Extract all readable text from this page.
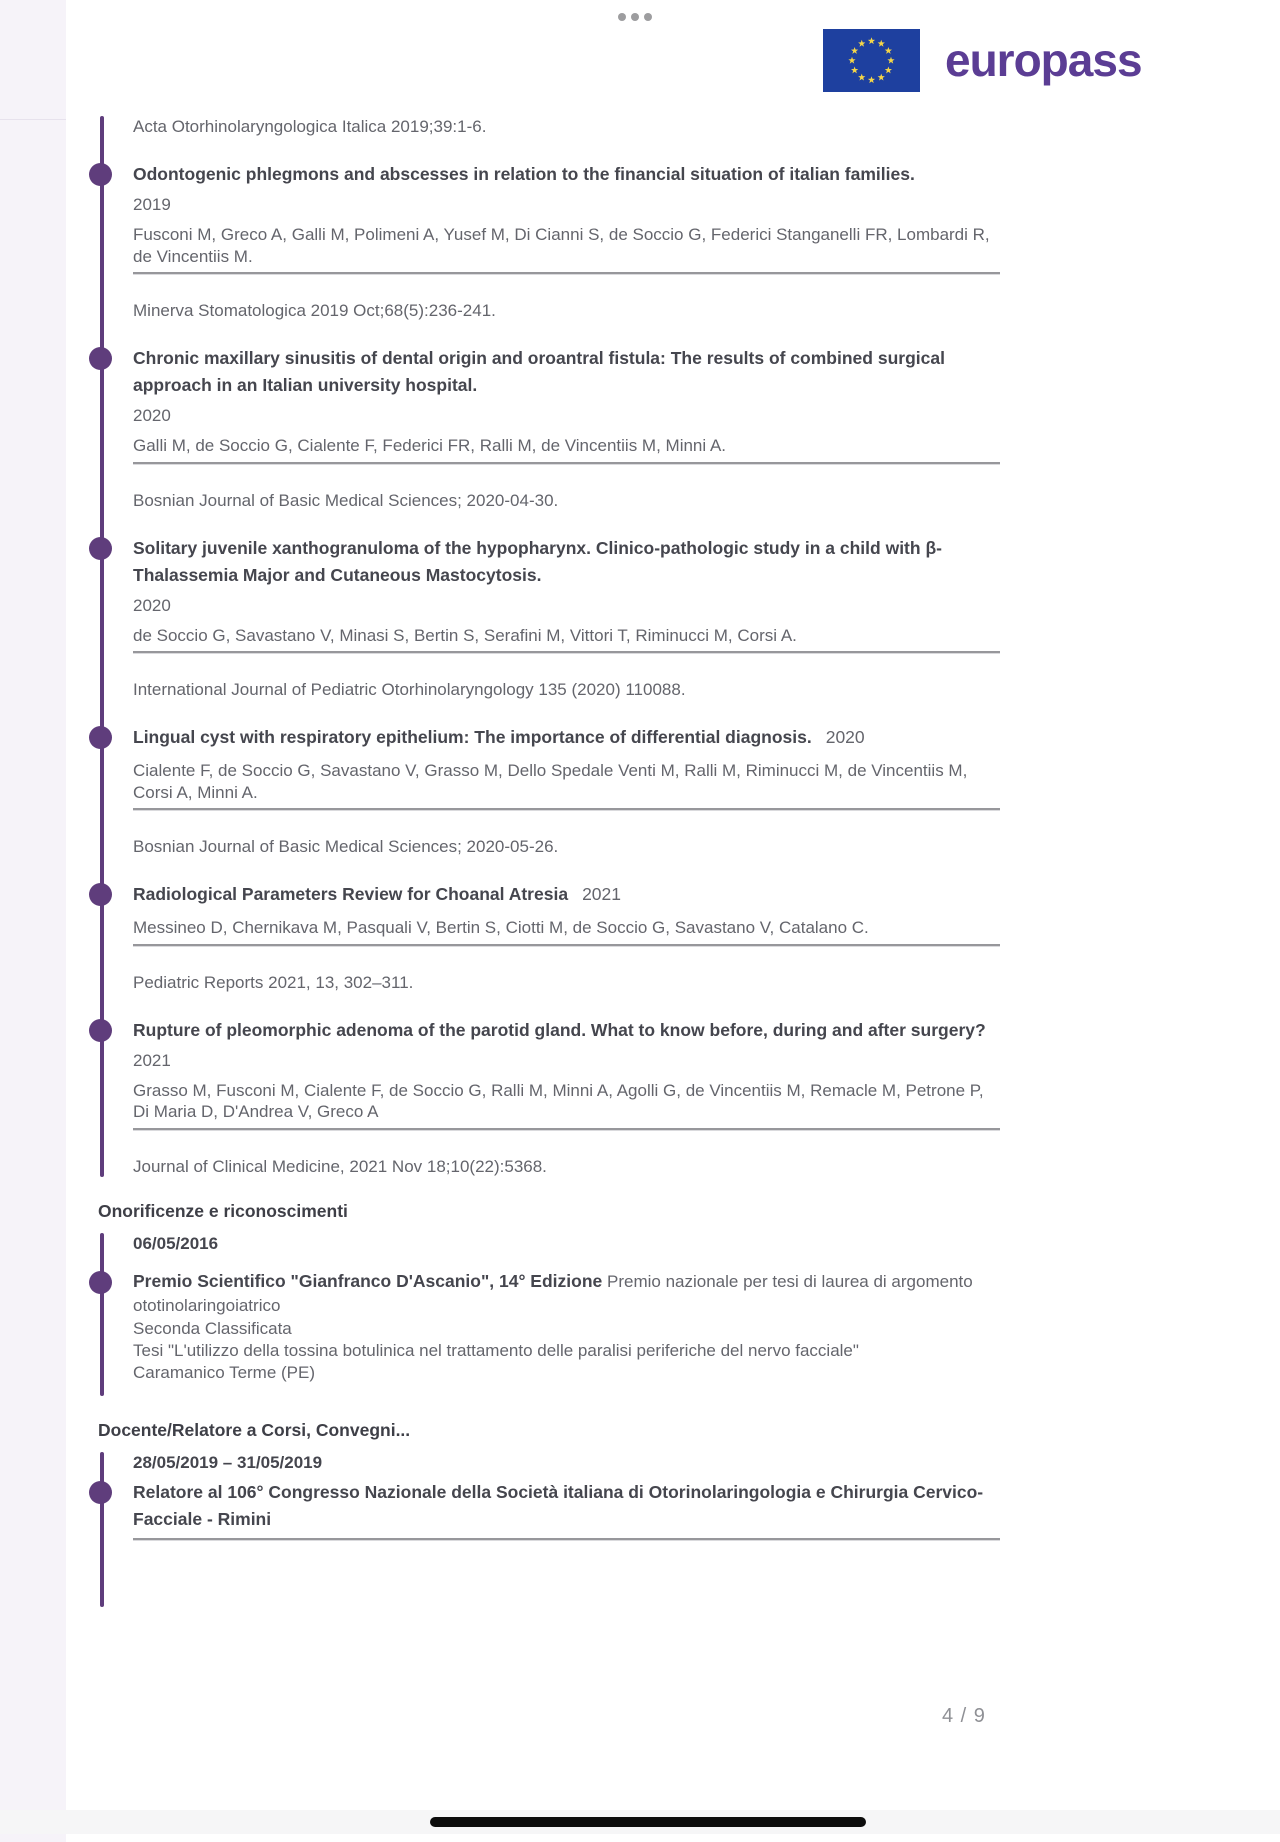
europass
Acta Otorhinolaryngologica Italica 2019;39:1-6.
Odontogenic phlegmons and abscesses in relation to the financial situation of italian families.
2019
Fusconi M, Greco A, Galli M, Polimeni A, Yusef M, Di Cianni S, de Soccio G, Federici Stanganelli FR, Lombardi R, de Vincentiis M.
Minerva Stomatologica 2019 Oct;68(5):236-241.
Chronic maxillary sinusitis of dental origin and oroantral fistula: The results of combined surgical approach in an Italian university hospital.
2020
Galli M, de Soccio G, Cialente F, Federici FR, Ralli M, de Vincentiis M, Minni A.
Bosnian Journal of Basic Medical Sciences; 2020-04-30.
Solitary juvenile xanthogranuloma of the hypopharynx. Clinico-pathologic study in a child with β-Thalassemia Major and Cutaneous Mastocytosis.
2020
de Soccio G, Savastano V, Minasi S, Bertin S, Serafini M, Vittori T, Riminucci M, Corsi A.
International Journal of Pediatric Otorhinolaryngology 135 (2020) 110088.
Lingual cyst with respiratory epithelium: The importance of differential diagnosis. 2020
Cialente F, de Soccio G, Savastano V, Grasso M, Dello Spedale Venti M, Ralli M, Riminucci M, de Vincentiis M, Corsi A, Minni A.
Bosnian Journal of Basic Medical Sciences; 2020-05-26.
Radiological Parameters Review for Choanal Atresia 2021
Messineo D, Chernikava M, Pasquali V, Bertin S, Ciotti M, de Soccio G, Savastano V, Catalano C.
Pediatric Reports 2021, 13, 302–311.
Rupture of pleomorphic adenoma of the parotid gland. What to know before, during and after surgery?
2021
Grasso M, Fusconi M, Cialente F, de Soccio G, Ralli M, Minni A, Agolli G, de Vincentiis M, Remacle M, Petrone P, Di Maria D, D'Andrea V, Greco A
Journal of Clinical Medicine, 2021 Nov 18;10(22):5368.
Onorificenze e riconoscimenti
06/05/2016

Premio Scientifico "Gianfranco D'Ascanio", 14° Edizione Premio nazionale per tesi di laurea di argomento ototinolaringoiatrico

Seconda Classificata

Tesi "L'utilizzo della tossina botulinica nel trattamento delle paralisi periferiche del nervo facciale"

Caramanico Terme (PE)

Docente/Relatore a Corsi, Convegni...
28/05/2019 – 31/05/2019
Relatore al 106° Congresso Nazionale della Società italiana di Otorinolaringologia e Chirurgia Cervico-Facciale - Rimini
4 / 9
